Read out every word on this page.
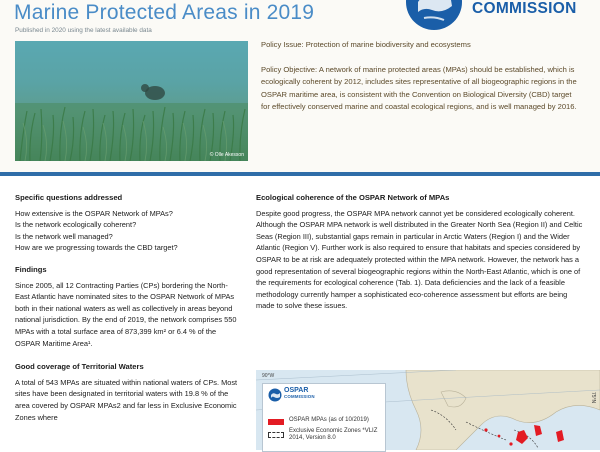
Marine Protected Areas in 2019
Published in 2020 using the latest available data
COMMISSION
© Olle Akesson

Policy Issue: Protection of marine biodiversity and ecosystems

Policy Objective: A network of marine protected areas (MPAs) should be established, which is ecologically coherent by 2012, includes sites representative of all biogeographic regions in the OSPAR maritime area, is consistent with the Convention on Biological Diversity (CBD) target for effectively conserved marine and coastal ecological regions, and is well managed by 2016.

Specific questions addressed

How extensive is the OSPAR Network of MPAs?

Is the network ecologically coherent?

Is the network well managed?

How are we progressing towards the CBD target?

Findings

Since 2005, all 12 Contracting Parties (CPs) bordering the North-East Atlantic have nominated sites to the OSPAR Network of MPAs both in their national waters as well as collectively in areas beyond national jurisdiction. By the end of 2019, the network comprises 550 MPAs with a total surface area of 873,399 km² or 6.4 % of the OSPAR Maritime Area¹.

Good coverage of Territorial Waters

A total of 543 MPAs are situated within national waters of CPs. Most sites have been designated in territorial waters with 19.8 % of the area covered by OSPAR MPAs2 and far less in Exclusive Economic Zones where

Ecological coherence of the OSPAR Network of MPAs

Despite good progress, the OSPAR MPA network cannot yet be considered ecologically coherent. Although the OSPAR MPA network is well distributed in the Greater North Sea (Region II) and Celtic Seas (Region III), substantial gaps remain in particular in Arctic Waters (Region I) and the Wider Atlantic (Region V). Further work is also required to ensure that habitats and species considered by OSPAR to be at risk are adequately protected within the MPA network. However, the network has a good representation of several biogeographic regions within the North-East Atlantic, which is one of the requirements for ecological coherence (Tab. 1). Data deficiencies and the lack of a feasible methodology currently hamper a sophisticated eco-coherence assessment but efforts are being made to solve these issues.

90°W
75°N
OSPAR
COMMISSION
OSPAR MPAs (as of 10/2019)
Exclusive Economic Zones *VLIZ 2014, Version 8.0
